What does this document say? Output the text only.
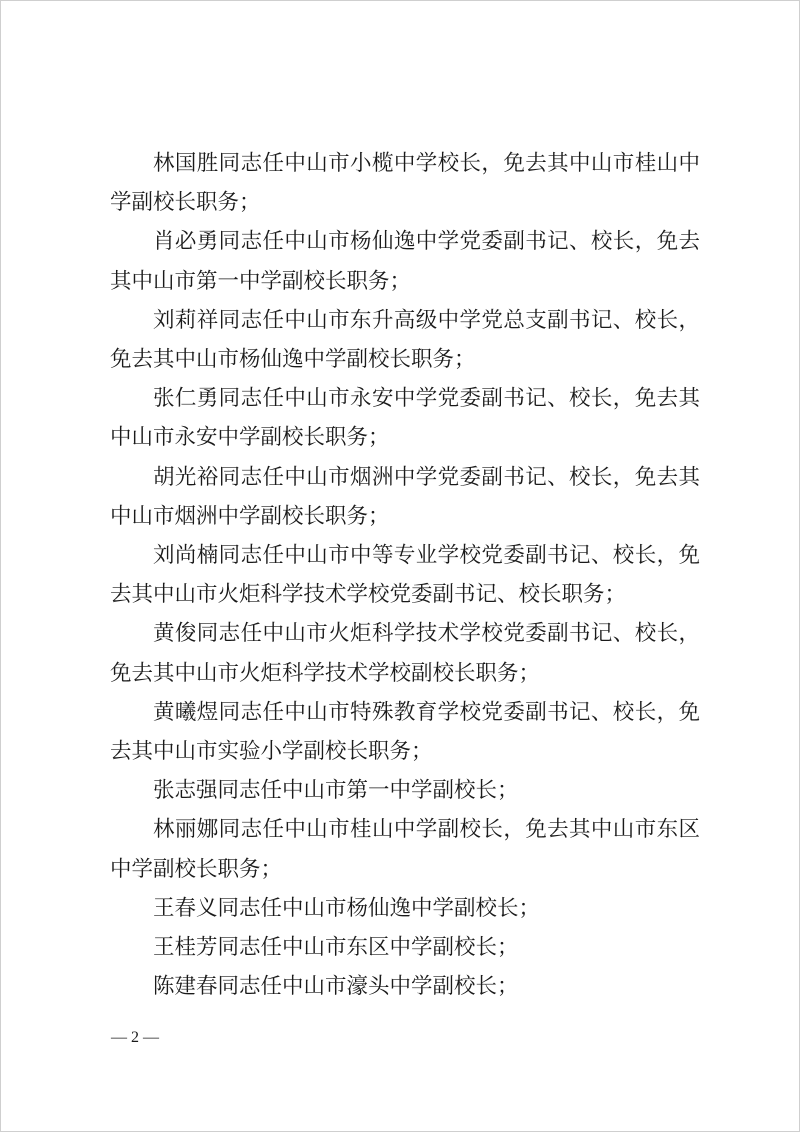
林国胜同志任中山市小榄中学校长，免去其中山市桂山中学副校长职务；

肖必勇同志任中山市杨仙逸中学党委副书记、校长，免去其中山市第一中学副校长职务；

刘莉祥同志任中山市东升高级中学党总支副书记、校长，免去其中山市杨仙逸中学副校长职务；

张仁勇同志任中山市永安中学党委副书记、校长，免去其中山市永安中学副校长职务；

胡光裕同志任中山市烟洲中学党委副书记、校长，免去其中山市烟洲中学副校长职务；

刘尚楠同志任中山市中等专业学校党委副书记、校长，免去其中山市火炬科学技术学校党委副书记、校长职务；

黄俊同志任中山市火炬科学技术学校党委副书记、校长，免去其中山市火炬科学技术学校副校长职务；

黄曦煜同志任中山市特殊教育学校党委副书记、校长，免去其中山市实验小学副校长职务；

张志强同志任中山市第一中学副校长；

林丽娜同志任中山市桂山中学副校长，免去其中山市东区中学副校长职务；

王春义同志任中山市杨仙逸中学副校长；

王桂芳同志任中山市东区中学副校长；

陈建春同志任中山市濠头中学副校长；

— 2 —
